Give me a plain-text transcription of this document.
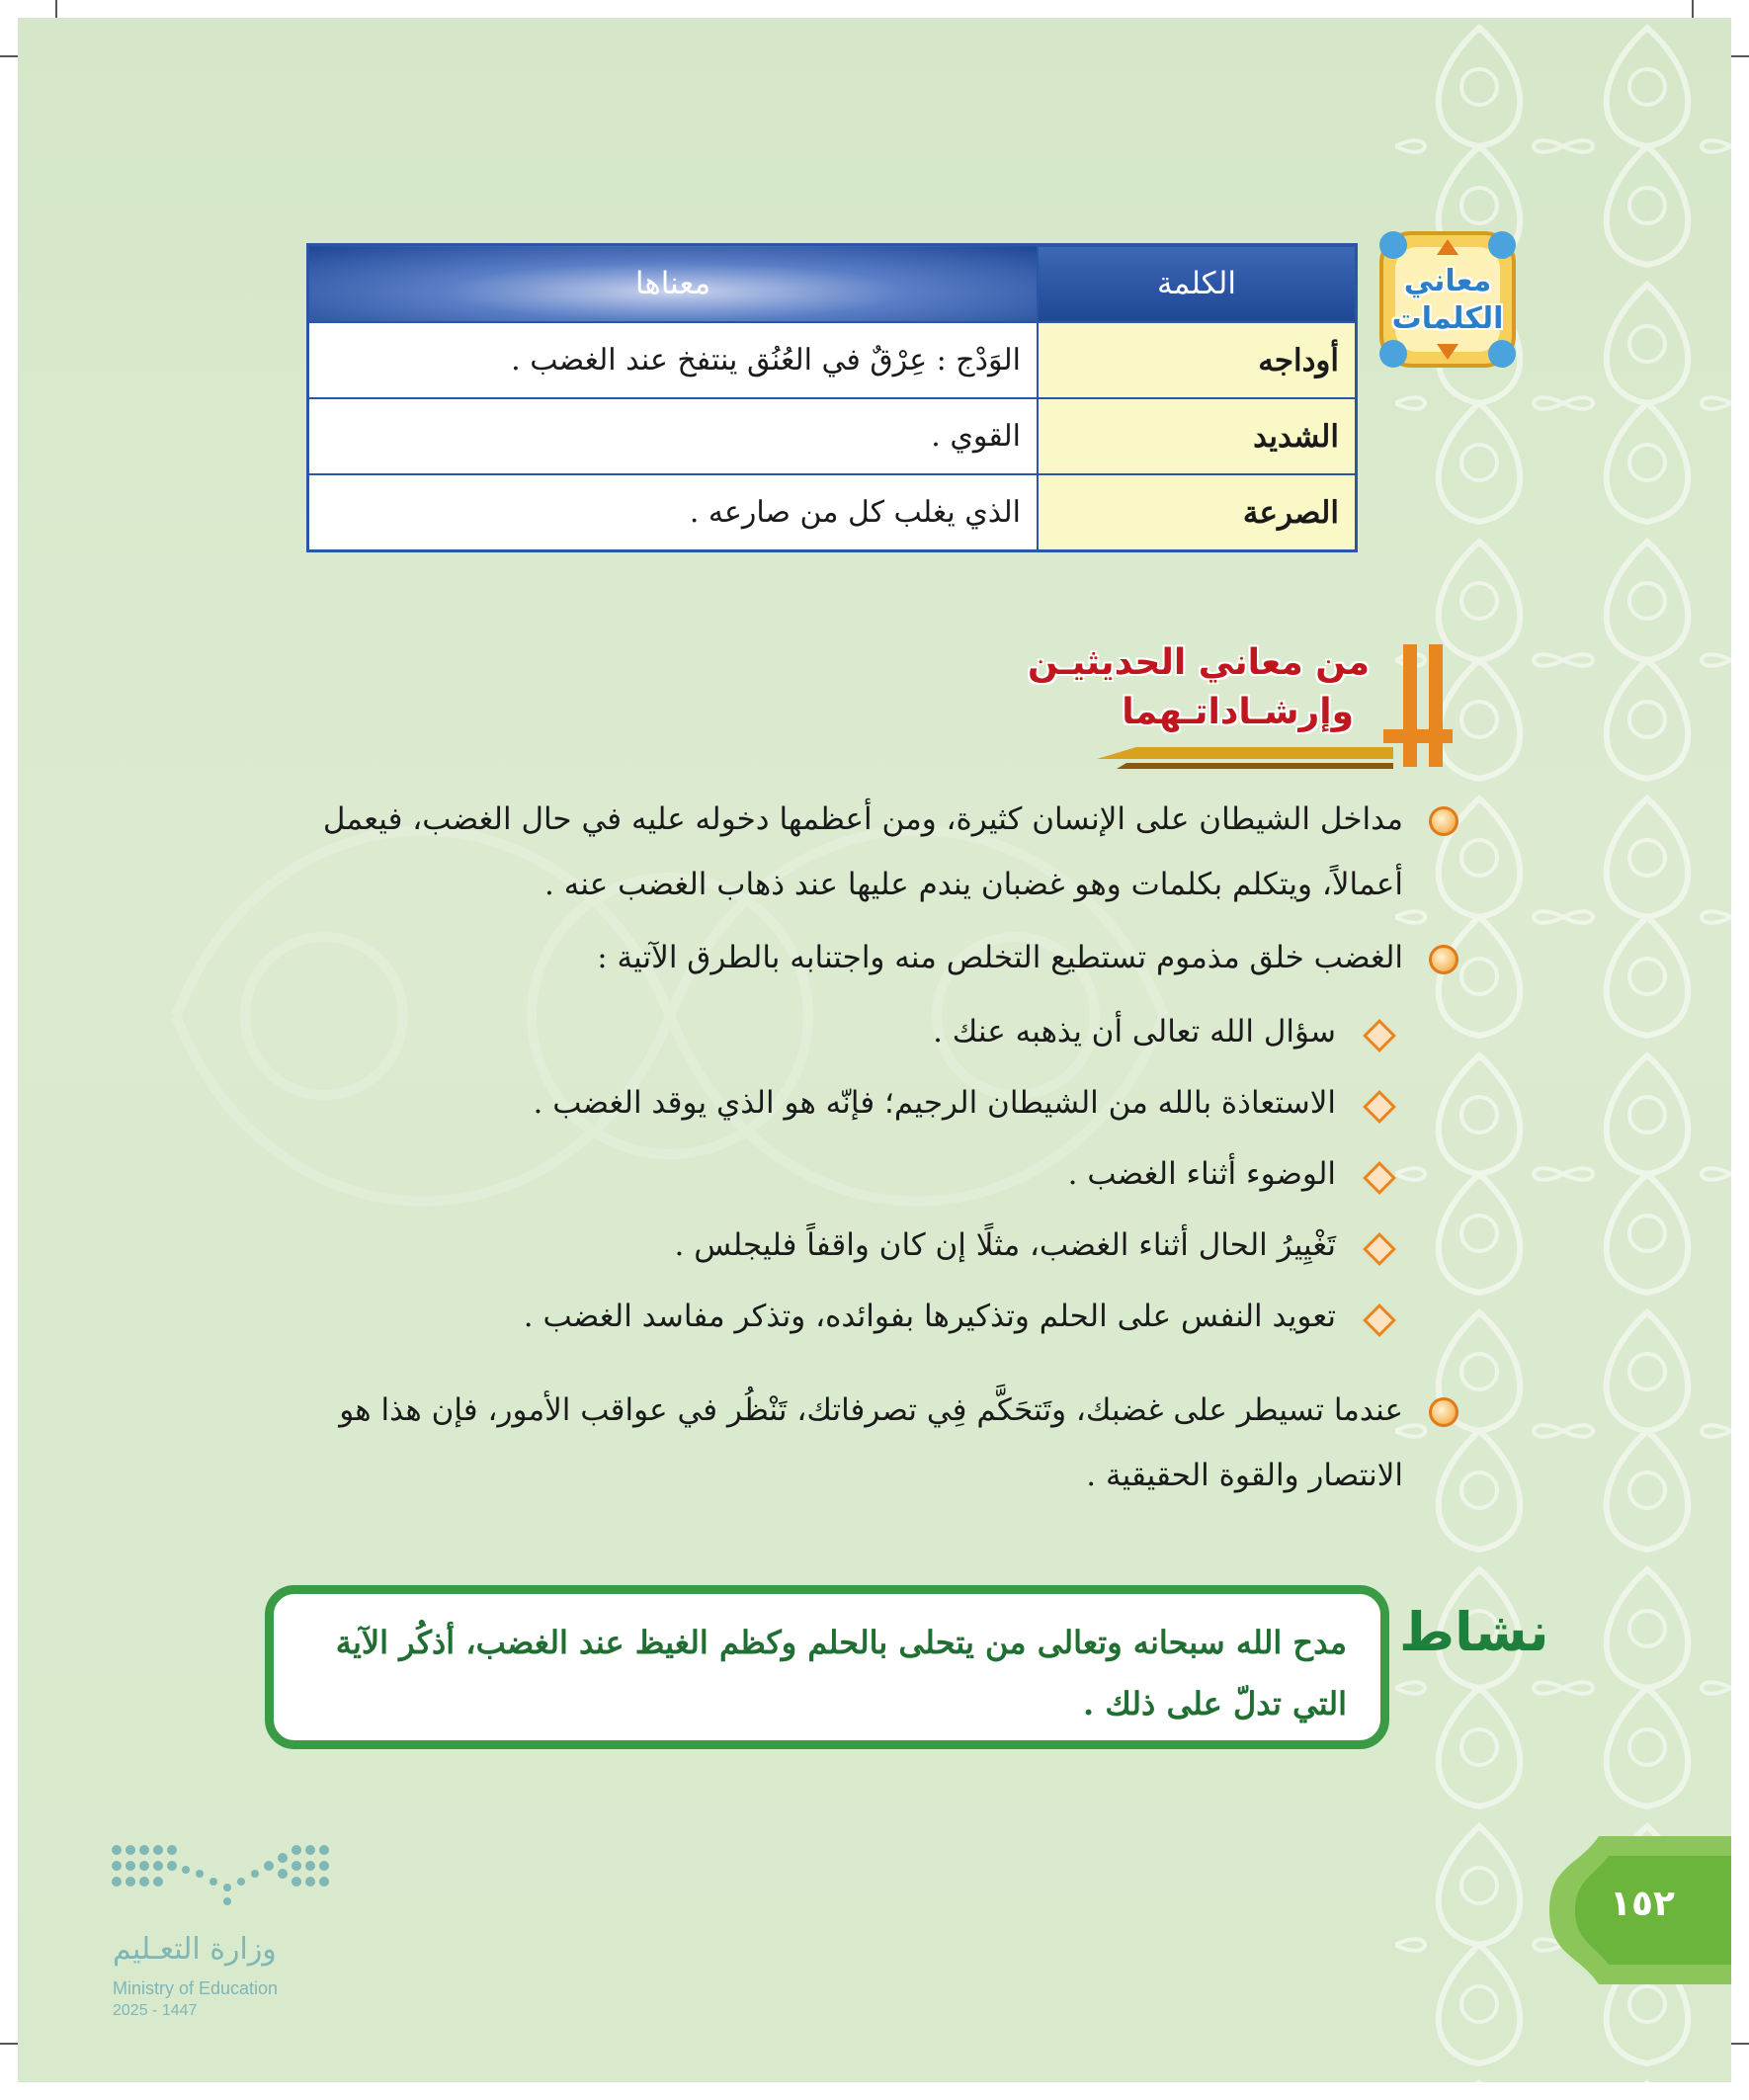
معاني
الكلمات
الكلمة	معناها
أوداجه	الوَدْج : عِرْقٌ في العُنُق ينتفخ عند الغضب .
الشديد	القوي .
الصرعة	الذي يغلب كل من صارعه .
من معاني الحديثيـن
وإرشـاداتـهما
مداخل الشيطان على الإنسان كثيرة، ومن أعظمها دخوله عليه في حال الغضب، فيعمل أعمالاً، ويتكلم بكلمات وهو غضبان يندم عليها عند ذهاب الغضب عنه .
الغضب خلق مذموم تستطيع التخلص منه واجتنابه بالطرق الآتية :
سؤال الله تعالى أن يذهبه عنك .
الاستعاذة بالله من الشيطان الرجيم؛ فإنّه هو الذي يوقد الغضب .
الوضوء أثناء الغضب .
تَغْيِيرُ الحال أثناء الغضب، مثلًا إن كان واقفاً فليجلس .
تعويد النفس على الحلم وتذكيرها بفوائده، وتذكر مفاسد الغضب .
عندما تسيطر على غضبك، وتَتحَكَّم فِي تصرفاتك، تَنْظُر في عواقب الأمور، فإن هذا هو الانتصار والقوة الحقيقية .
نشاط
مدح الله سبحانه وتعالى من يتحلى بالحلم وكظم الغيظ عند الغضب، أذكُر الآية التي تدلّ على ذلك .
١٥٢
وزارة التعـليم
Ministry of Education
2025 - 1447
